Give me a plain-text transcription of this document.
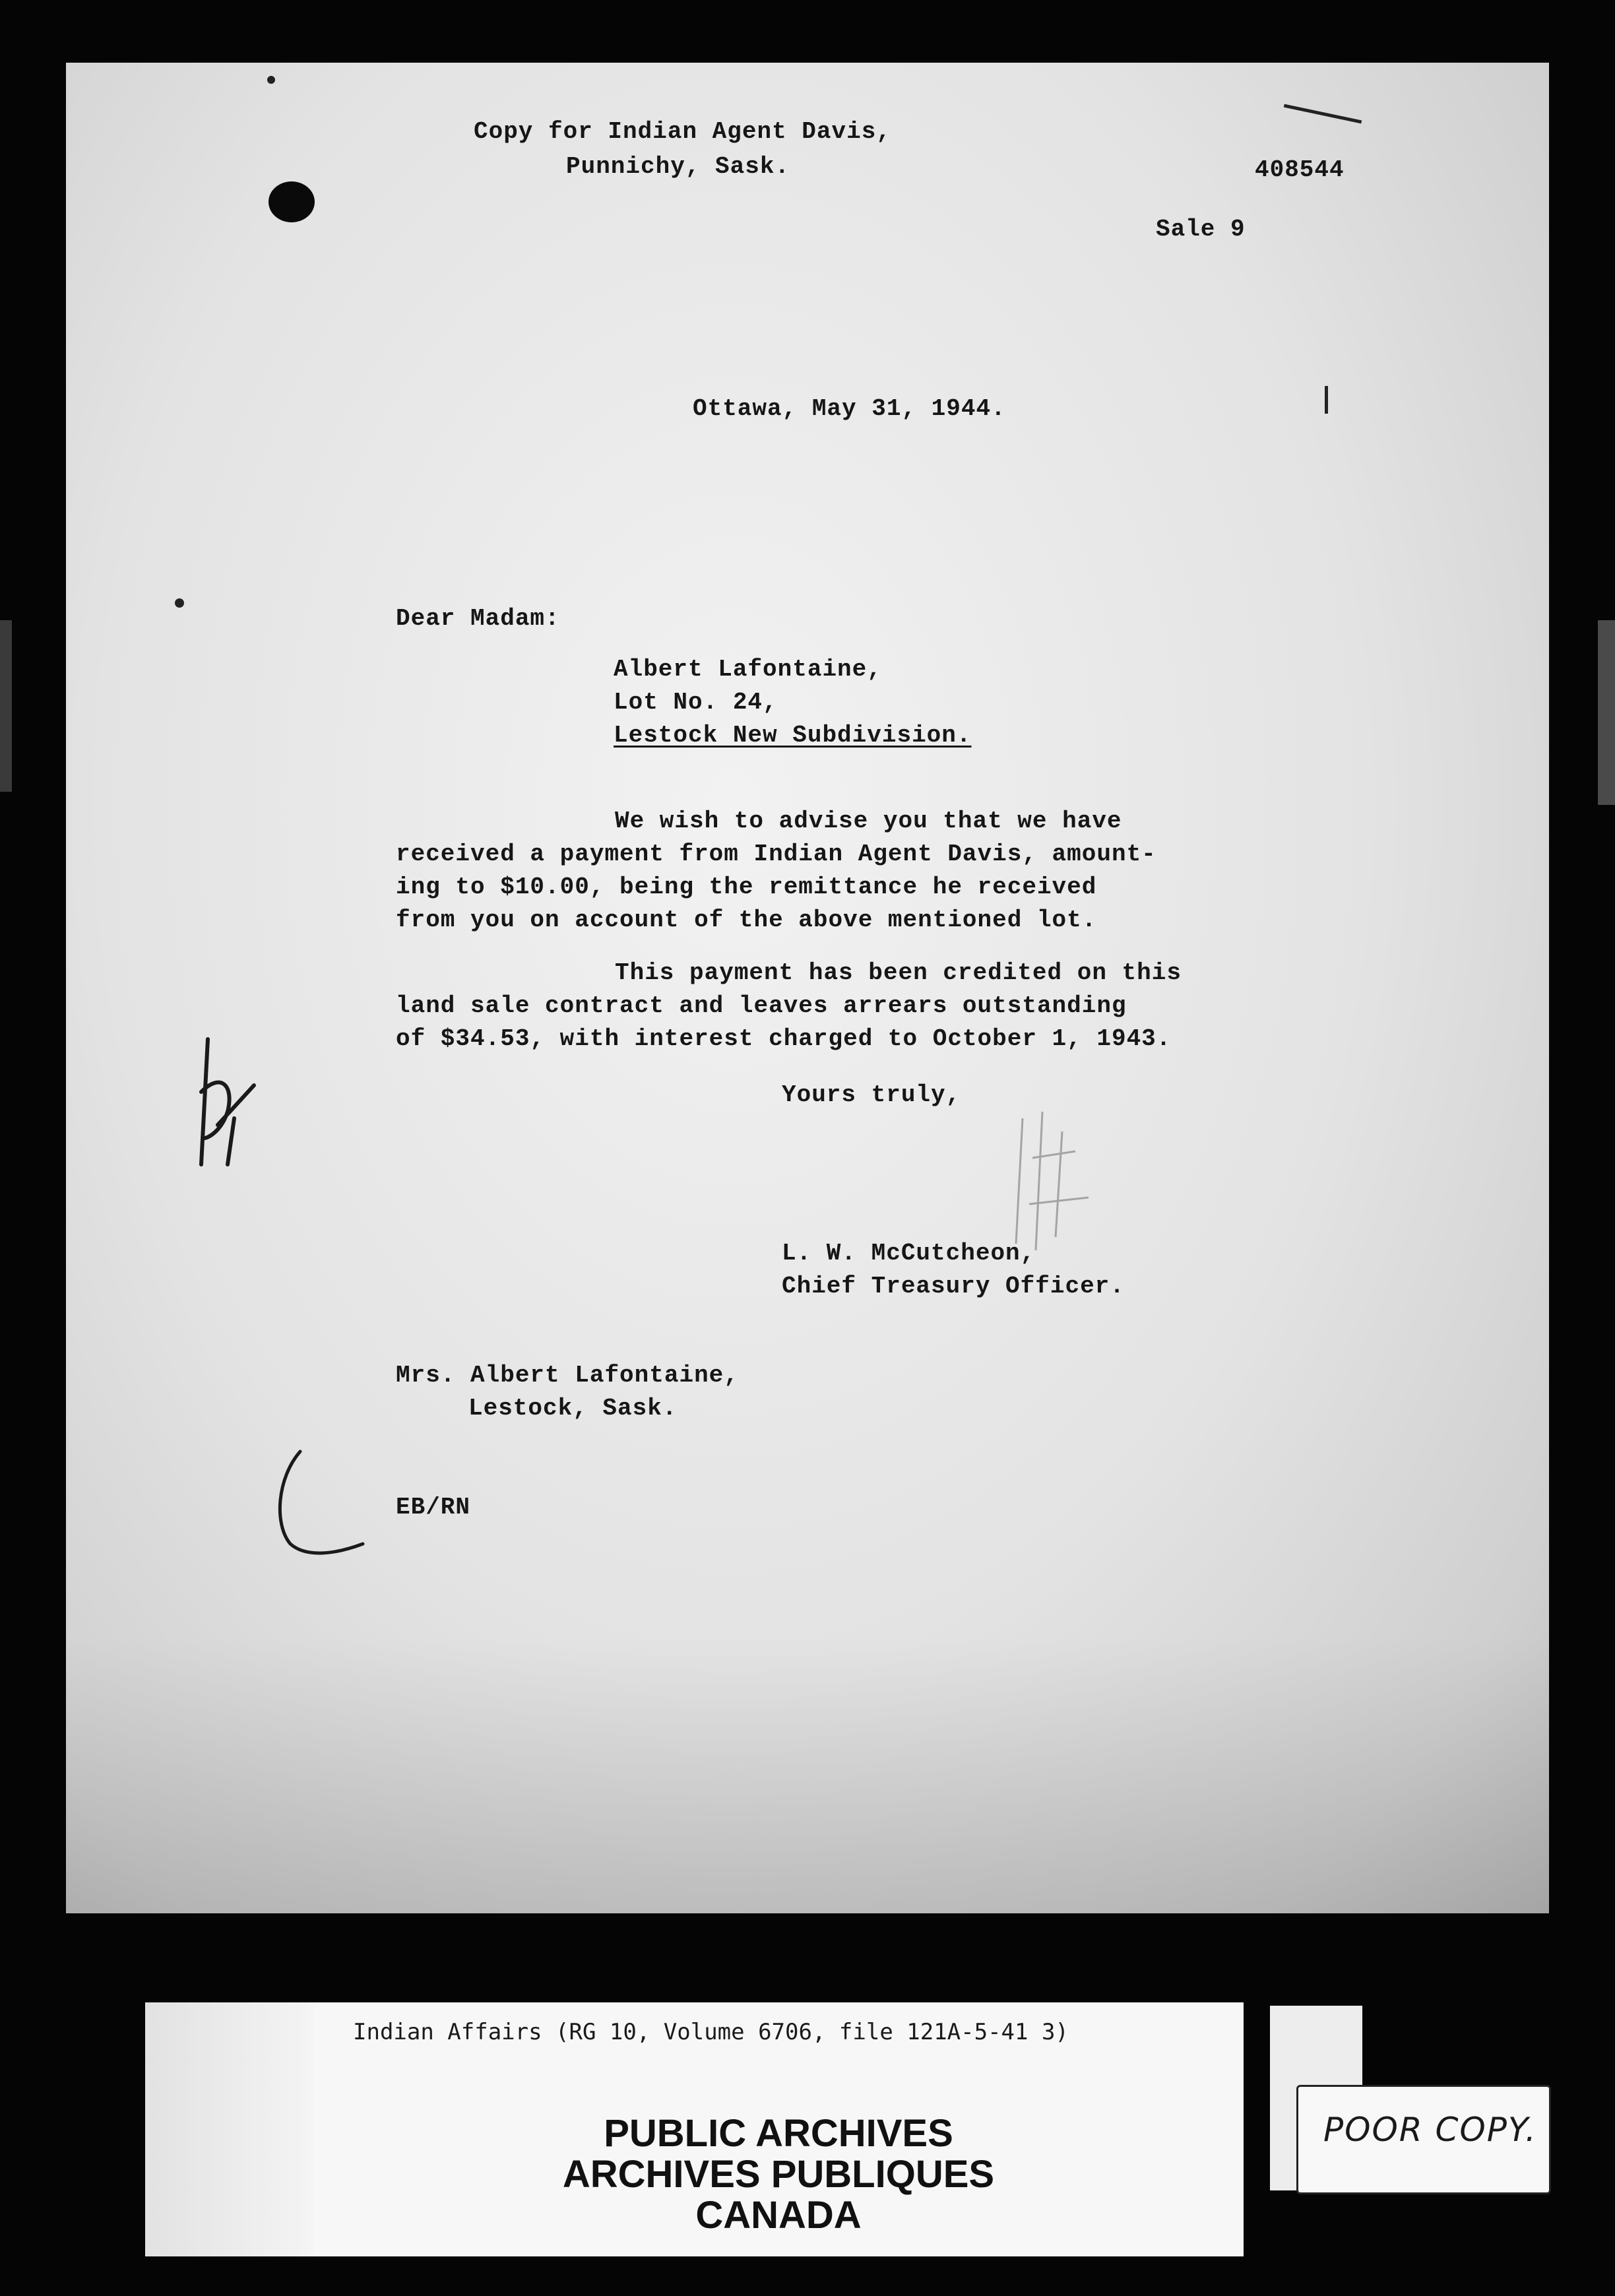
Copy for Indian Agent Davis,
Punnichy, Sask.	408544
Sale 9
Ottawa, May 31, 1944.
Dear Madam:
Albert Lafontaine,
Lot No. 24,
Lestock New Subdivision.
We wish to advise you that we have
received a payment from Indian Agent Davis, amount-
ing to $10.00, being the remittance he received
from you on account of the above mentioned lot.
This payment has been credited on this
land sale contract and leaves arrears outstanding
of $34.53, with interest charged to October 1, 1943.
Yours truly,
L. W. McCutcheon,
Chief Treasury Officer.
Mrs. Albert Lafontaine,
Lestock, Sask.
EB/RN
Indian Affairs (RG 10, Volume 6706, file 121A-5-41 3)
PUBLIC ARCHIVES
ARCHIVES PUBLIQUES
CANADA
POOR COPY.
